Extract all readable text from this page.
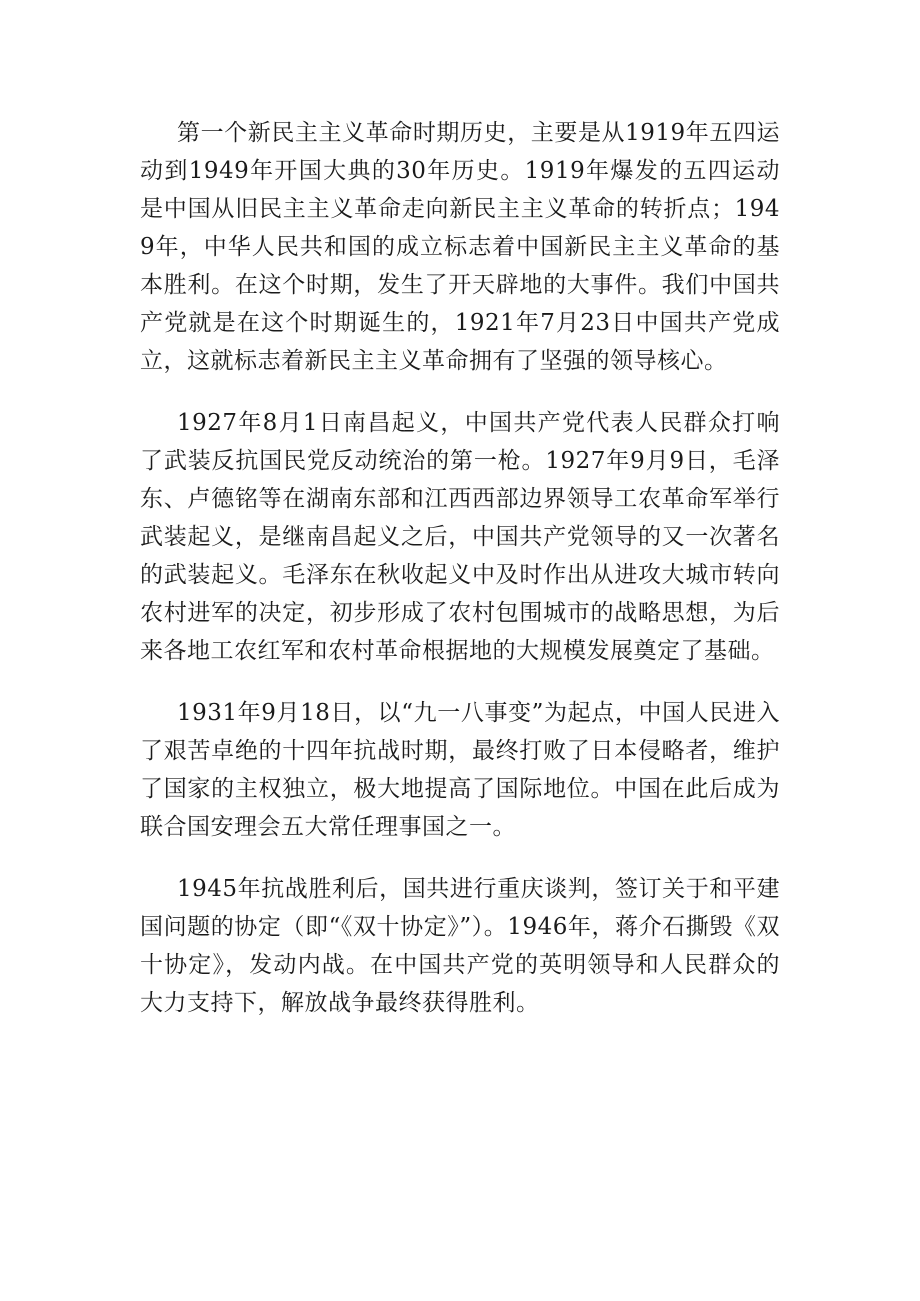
第一个新民主主义革命时期历史，主要是从1919年五四运动到1949年开国大典的30年历史。1919年爆发的五四运动是中国从旧民主主义革命走向新民主主义革命的转折点；1949年，中华人民共和国的成立标志着中国新民主主义革命的基本胜利。在这个时期，发生了开天辟地的大事件。我们中国共产党就是在这个时期诞生的，1921年7月23日中国共产党成立，这就标志着新民主主义革命拥有了坚强的领导核心。

1927年8月1日南昌起义，中国共产党代表人民群众打响了武装反抗国民党反动统治的第一枪。1927年9月9日，毛泽东、卢德铭等在湖南东部和江西西部边界领导工农革命军举行武装起义，是继南昌起义之后，中国共产党领导的又一次著名的武装起义。毛泽东在秋收起义中及时作出从进攻大城市转向农村进军的决定，初步形成了农村包围城市的战略思想，为后来各地工农红军和农村革命根据地的大规模发展奠定了基础。

1931年9月18日，以“九一八事变”为起点，中国人民进入了艰苦卓绝的十四年抗战时期，最终打败了日本侵略者，维护了国家的主权独立，极大地提高了国际地位。中国在此后成为联合国安理会五大常任理事国之一。

1945年抗战胜利后，国共进行重庆谈判，签订关于和平建国问题的协定（即“《双十协定》”）。1946年，蒋介石撕毁《双十协定》，发动内战。在中国共产党的英明领导和人民群众的大力支持下，解放战争最终获得胜利。
